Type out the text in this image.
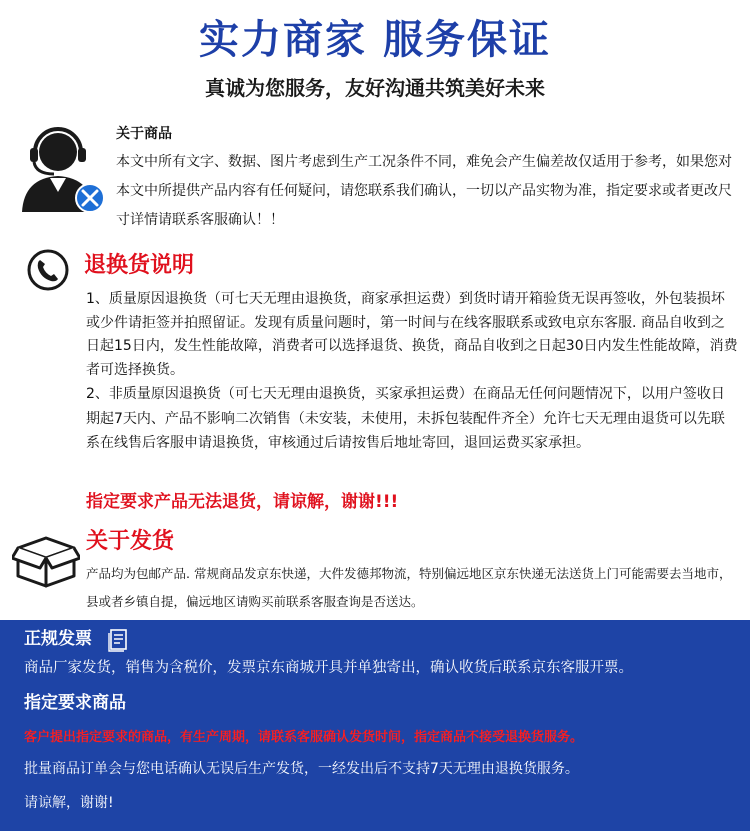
实力商家 服务保证
真诚为您服务，友好沟通共筑美好未来
关于商品
本文中所有文字、数据、图片考虑到生产工况条件不同，难免会产生偏差故仅适用于参考，如果您对本文中所提供产品内容有任何疑问，请您联系我们确认，一切以产品实物为准，指定要求或者更改尺寸详情请联系客服确认！！
退换货说明
1、质量原因退换货（可七天无理由退换货，商家承担运费）到货时请开箱验货无误再签收，外包装损坏或少件请拒签并拍照留证。发现有质量问题时，第一时间与在线客服联系或致电京东客服. 商品自收到之日起15日内，发生性能故障，消费者可以选择退货、换货，商品自收到之日起30日内发生性能故障，消费者可选择换货。
2、非质量原因退换货（可七天无理由退换货，买家承担运费）在商品无任何问题情况下，以用户签收日期起7天内、产品不影响二次销售（未安装，未使用，未拆包装配件齐全）允许七天无理由退货可以先联系在线售后客服申请退换货，审核通过后请按售后地址寄回，退回运费买家承担。
指定要求产品无法退货，请谅解，谢谢!!!
关于发货
产品均为包邮产品. 常规商品发京东快递，大件发德邦物流，特别偏远地区京东快递无法送货上门可能需要去当地市，县或者乡镇自提，偏远地区请购买前联系客服查询是否送达。
正规发票
商品厂家发货，销售为含税价，发票京东商城开具并单独寄出，确认收货后联系京东客服开票。
指定要求商品
客户提出指定要求的商品，有生产周期，请联系客服确认发货时间，指定商品不接受退换货服务。
批量商品订单会与您电话确认无误后生产发货，一经发出后不支持7天无理由退换货服务。
请谅解，谢谢!
